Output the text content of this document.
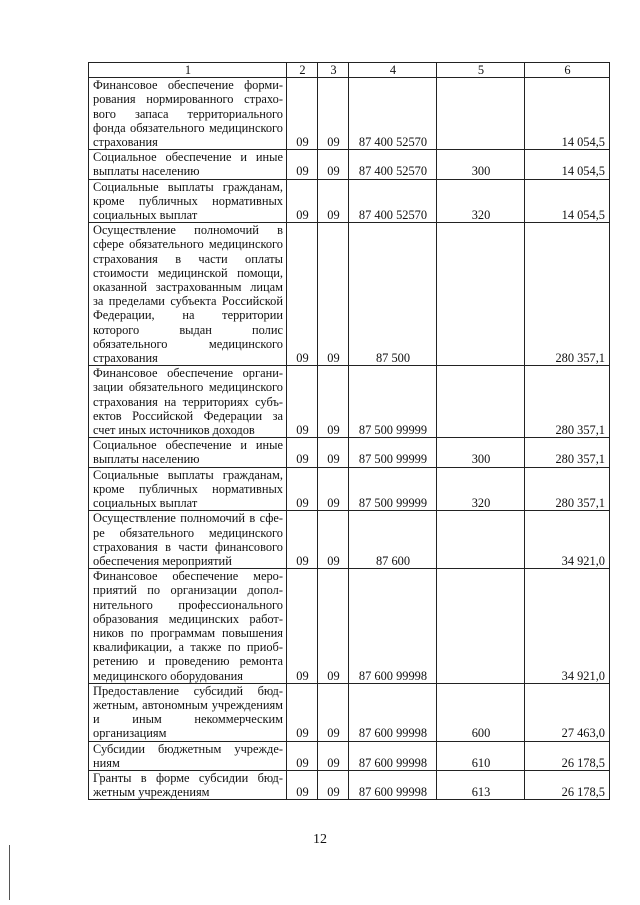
1	2	3	4	5	6
Финансовое обеспечение формирования нормированного страхового запаса территориального фонда обязательного медицинского страхования	09	09	87 400 52570		14 054,5
Социальное обеспечение и иные выплаты населению	09	09	87 400 52570	300	14 054,5
Социальные выплаты гражданам, кроме публичных нормативных социальных выплат	09	09	87 400 52570	320	14 054,5
Осуществление полномочий в сфере обязательного медицинского страхования в части оплаты стоимости медицинской помощи, оказанной застрахованным лицам за пределами субъекта Российской Федерации, на территории которого выдан полис обязательного медицинского страхования	09	09	87 500		280 357,1
Финансовое обеспечение организации обязательного медицинского страхования на территориях субъектов Российской Федерации за счет иных источников доходов	09	09	87 500 99999		280 357,1
Социальное обеспечение и иные выплаты населению	09	09	87 500 99999	300	280 357,1
Социальные выплаты гражданам, кроме публичных нормативных социальных выплат	09	09	87 500 99999	320	280 357,1
Осуществление полномочий в сфере обязательного медицинского страхования в части финансового обеспечения мероприятий	09	09	87 600		34 921,0
Финансовое обеспечение мероприятий по организации дополнительного профессионального образования медицинских работников по программам повышения квалификации, а также по приобретению и проведению ремонта медицинского оборудования	09	09	87 600 99998		34 921,0
Предоставление субсидий бюджетным, автономным учреждениям и иным некоммерческим организациям	09	09	87 600 99998	600	27 463,0
Субсидии бюджетным учреждениям	09	09	87 600 99998	610	26 178,5
Гранты в форме субсидии бюджетным учреждениям	09	09	87 600 99998	613	26 178,5
12
